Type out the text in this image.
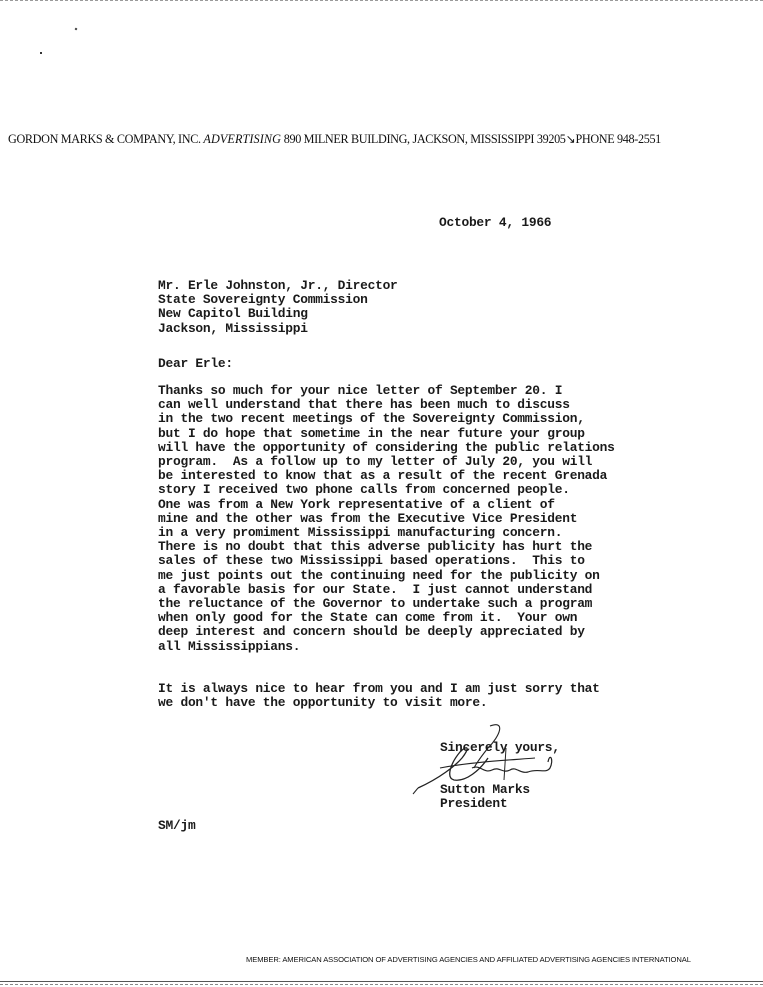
GORDON MARKS & COMPANY, INC. ADVERTISING 890 MILNER BUILDING, JACKSON, MISSISSIPPI 39205↘PHONE 948-2551
October 4, 1966
Mr. Erle Johnston, Jr., Director
State Sovereignty Commission
New Capitol Building
Jackson, Mississippi
Dear Erle:
Thanks so much for your nice letter of September 20. I
can well understand that there has been much to discuss
in the two recent meetings of the Sovereignty Commission,
but I do hope that sometime in the near future your group
will have the opportunity of considering the public relations
program.  As a follow up to my letter of July 20, you will
be interested to know that as a result of the recent Grenada
story I received two phone calls from concerned people.
One was from a New York representative of a client of
mine and the other was from the Executive Vice President
in a very promiment Mississippi manufacturing concern.
There is no doubt that this adverse publicity has hurt the
sales of these two Mississippi based operations.  This to
me just points out the continuing need for the publicity on
a favorable basis for our State.  I just cannot understand
the reluctance of the Governor to undertake such a program
when only good for the State can come from it.  Your own
deep interest and concern should be deeply appreciated by
all Mississippians.
It is always nice to hear from you and I am just sorry that
we don't have the opportunity to visit more.
Sincerely yours,
Sutton Marks
President
SM/jm
MEMBER: AMERICAN ASSOCIATION OF ADVERTISING AGENCIES AND AFFILIATED ADVERTISING AGENCIES INTERNATIONAL
